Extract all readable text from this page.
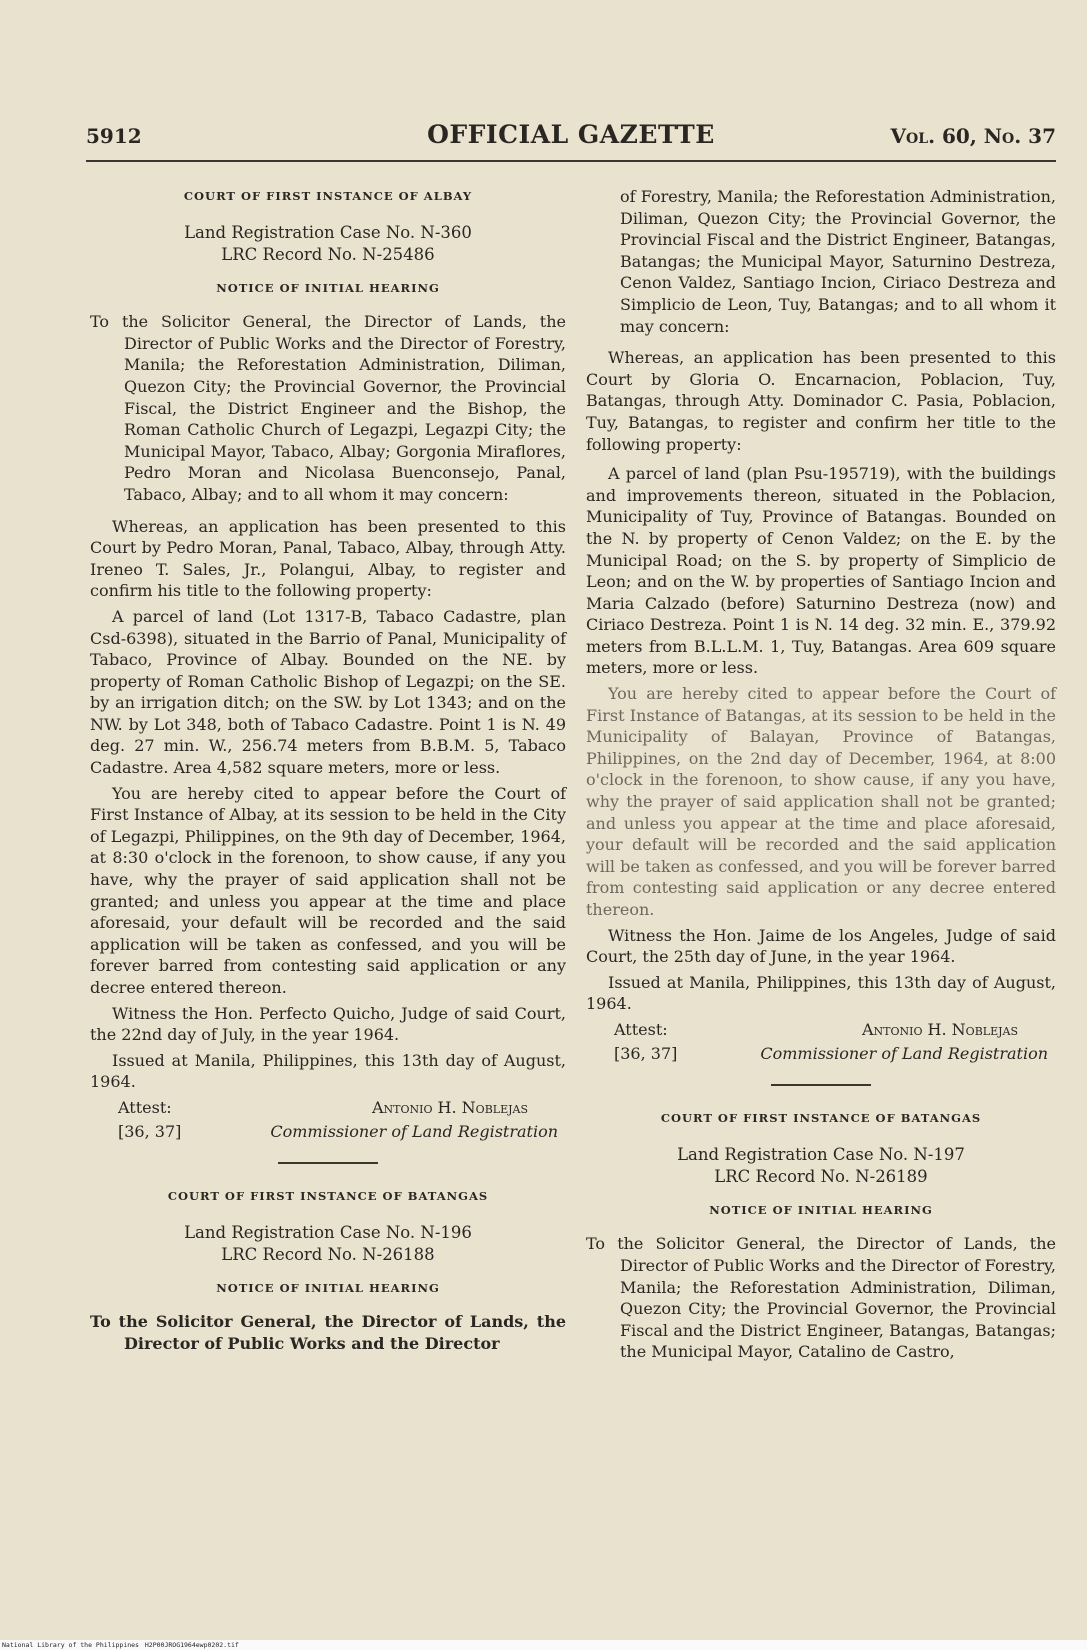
5912	OFFICIAL GAZETTE	Vol. 60, No. 37
COURT OF FIRST INSTANCE OF ALBAY
Land Registration Case No. N-360
LRC Record No. N-25486
NOTICE OF INITIAL HEARING

To the Solicitor General, the Director of Lands, the Director of Public Works and the Director of Forestry, Manila; the Reforestation Administration, Diliman, Quezon City; the Provincial Governor, the Provincial Fiscal, the District Engineer and the Bishop, the Roman Catholic Church of Legazpi, Legazpi City; the Municipal Mayor, Tabaco, Albay; Gorgonia Miraflores, Pedro Moran and Nicolasa Buenconsejo, Panal, Tabaco, Albay; and to all whom it may concern:

Whereas, an application has been presented to this Court by Pedro Moran, Panal, Tabaco, Albay, through Atty. Ireneo T. Sales, Jr., Polangui, Albay, to register and confirm his title to the following property:

A parcel of land (Lot 1317-B, Tabaco Cadastre, plan Csd-6398), situated in the Barrio of Panal, Municipality of Tabaco, Province of Albay. Bounded on the NE. by property of Roman Catholic Bishop of Legazpi; on the SE. by an irrigation ditch; on the SW. by Lot 1343; and on the NW. by Lot 348, both of Tabaco Cadastre. Point 1 is N. 49 deg. 27 min. W., 256.74 meters from B.B.M. 5, Tabaco Cadastre. Area 4,582 square meters, more or less.

You are hereby cited to appear before the Court of First Instance of Albay, at its session to be held in the City of Legazpi, Philippines, on the 9th day of December, 1964, at 8:30 o'clock in the forenoon, to show cause, if any you have, why the prayer of said application shall not be granted; and unless you appear at the time and place aforesaid, your default will be recorded and the said application will be taken as confessed, and you will be forever barred from contesting said application or any decree entered thereon.

Witness the Hon. Perfecto Quicho, Judge of said Court, the 22nd day of July, in the year 1964.

Issued at Manila, Philippines, this 13th day of August, 1964.

Attest:	Antonio H. Noblejas
[36, 37]	Commissioner of Land Registration
COURT OF FIRST INSTANCE OF BATANGAS
Land Registration Case No. N-196
LRC Record No. N-26188
NOTICE OF INITIAL HEARING

To the Solicitor General, the Director of Lands, the Director of Public Works and the Director

of Forestry, Manila; the Reforestation Administration, Diliman, Quezon City; the Provincial Governor, the Provincial Fiscal and the District Engineer, Batangas, Batangas; the Municipal Mayor, Saturnino Destreza, Cenon Valdez, Santiago Incion, Ciriaco Destreza and Simplicio de Leon, Tuy, Batangas; and to all whom it may concern:

Whereas, an application has been presented to this Court by Gloria O. Encarnacion, Poblacion, Tuy, Batangas, through Atty. Dominador C. Pasia, Poblacion, Tuy, Batangas, to register and confirm her title to the following property:

A parcel of land (plan Psu-195719), with the buildings and improvements thereon, situated in the Poblacion, Municipality of Tuy, Province of Batangas. Bounded on the N. by property of Cenon Valdez; on the E. by the Municipal Road; on the S. by property of Simplicio de Leon; and on the W. by properties of Santiago Incion and Maria Calzado (before) Saturnino Destreza (now) and Ciriaco Destreza. Point 1 is N. 14 deg. 32 min. E., 379.92 meters from B.L.L.M. 1, Tuy, Batangas. Area 609 square meters, more or less.

You are hereby cited to appear before the Court of First Instance of Batangas, at its session to be held in the Municipality of Balayan, Province of Batangas, Philippines, on the 2nd day of December, 1964, at 8:00 o'clock in the forenoon, to show cause, if any you have, why the prayer of said application shall not be granted; and unless you appear at the time and place aforesaid, your default will be recorded and the said application will be taken as confessed, and you will be forever barred from contesting said application or any decree entered thereon.

Witness the Hon. Jaime de los Angeles, Judge of said Court, the 25th day of June, in the year 1964.

Issued at Manila, Philippines, this 13th day of August, 1964.

Attest:	Antonio H. Noblejas
[36, 37]	Commissioner of Land Registration
COURT OF FIRST INSTANCE OF BATANGAS
Land Registration Case No. N-197
LRC Record No. N-26189
NOTICE OF INITIAL HEARING

To the Solicitor General, the Director of Lands, the Director of Public Works and the Director of Forestry, Manila; the Reforestation Administration, Diliman, Quezon City; the Provincial Governor, the Provincial Fiscal and the District Engineer, Batangas, Batangas; the Municipal Mayor, Catalino de Castro,

National Library of the Philippines H2P00JROG1964ewp0202.tif
